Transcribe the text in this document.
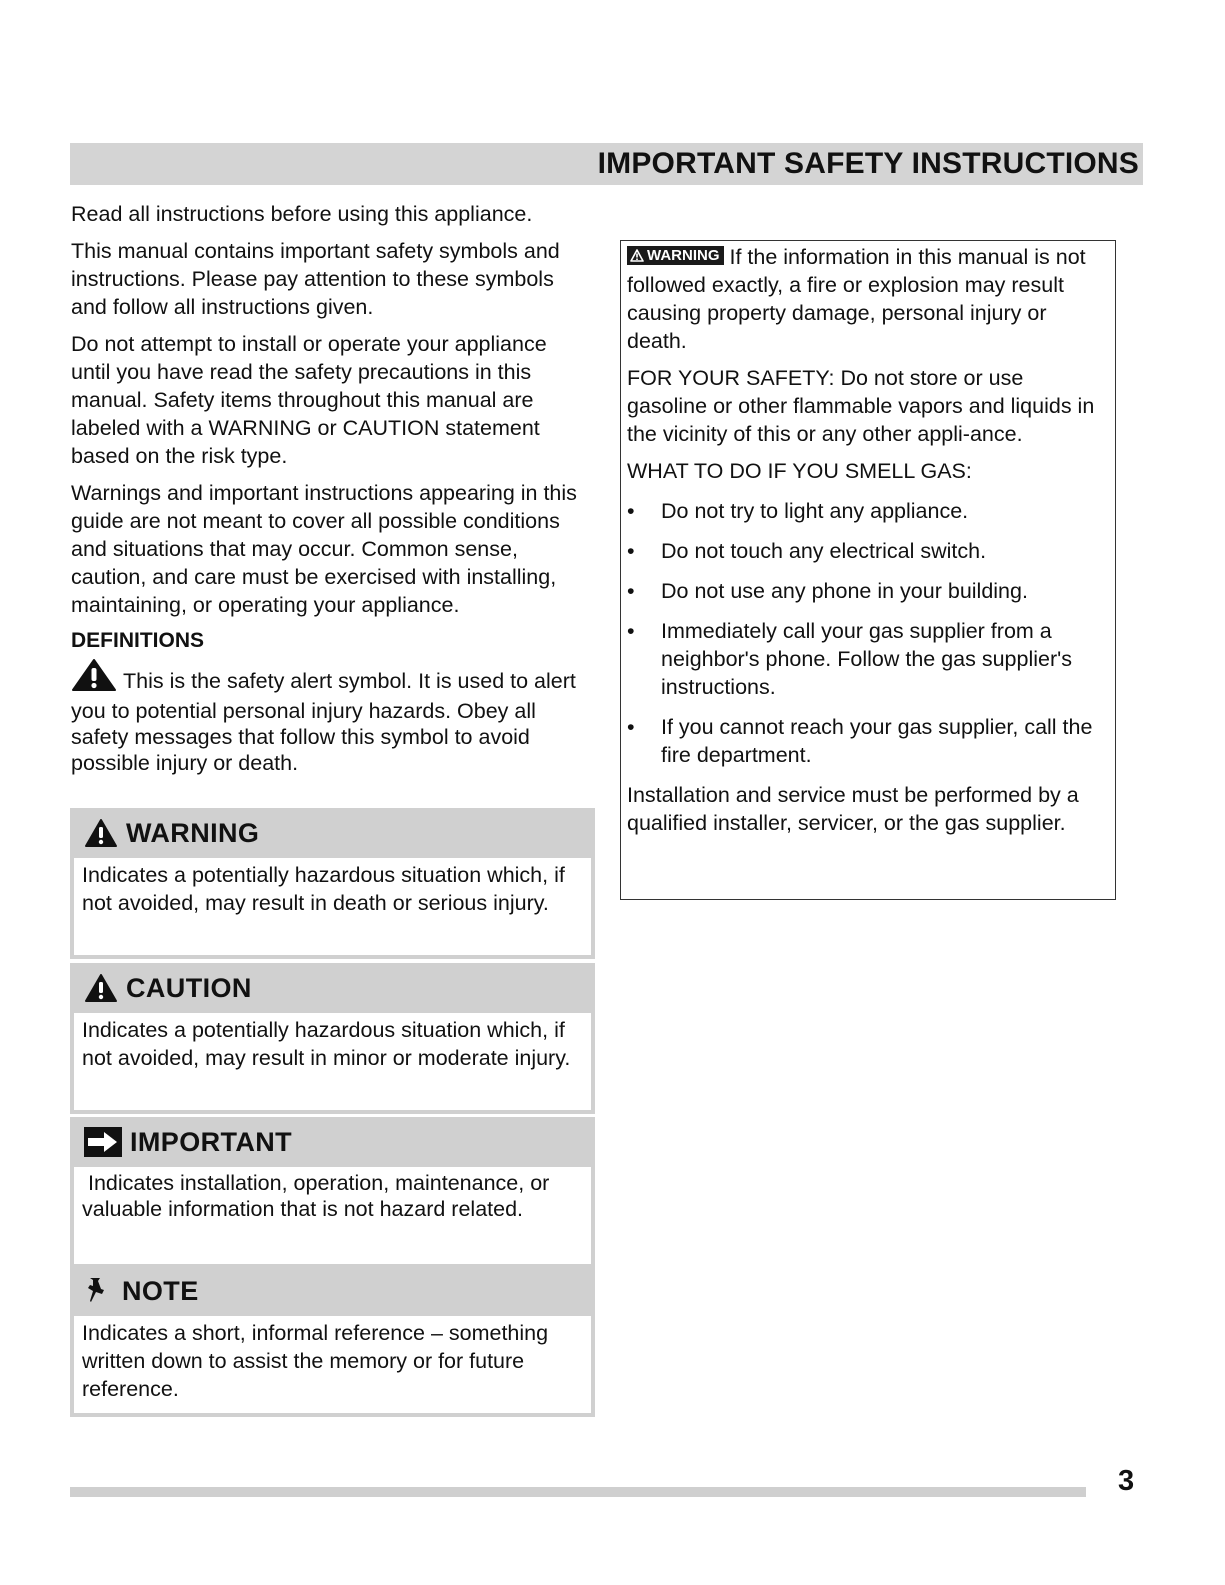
IMPORTANT SAFETY INSTRUCTIONS

Read all instructions before using this appliance.

This manual contains important safety symbols and instructions. Please pay attention to these symbols and follow all instructions given.

Do not attempt to install or operate your appliance until you have read the safety precautions in this manual. Safety items throughout this manual are labeled with a WARNING or CAUTION statement based on the risk type.

Warnings and important instructions appearing in this guide are not meant to cover all possible conditions and situations that may occur. Common sense, caution, and care must be exercised with installing, maintaining, or operating your appliance.

DEFINITIONS

This is the safety alert symbol. It is used to alert you to potential personal injury hazards. Obey all safety messages that follow this symbol to avoid possible injury or death.

WARNING
Indicates a potentially hazardous situation which, if not avoided, may result in death or serious injury.
CAUTION
Indicates a potentially hazardous situation which, if not avoided, may result in minor or moderate injury.
IMPORTANT
Indicates installation, operation, maintenance, or valuable information that is not hazard related.
NOTE
Indicates a short, informal reference – something written down to assist the memory or for future reference.

WARNING If the information in this manual is not followed exactly, a fire or explosion may result causing property damage, personal injury or death.

FOR YOUR SAFETY: Do not store or use gasoline or other flammable vapors and liquids in the vicinity of this or any other appli-ance.

WHAT TO DO IF YOU SMELL GAS:

• Do not try to light any appliance.
• Do not touch any electrical switch.
• Do not use any phone in your building.
• Immediately call your gas supplier from a neighbor's phone. Follow the gas supplier's instructions.
• If you cannot reach your gas supplier, call the fire department.

Installation and service must be performed by a qualified installer, servicer, or the gas supplier.

3
